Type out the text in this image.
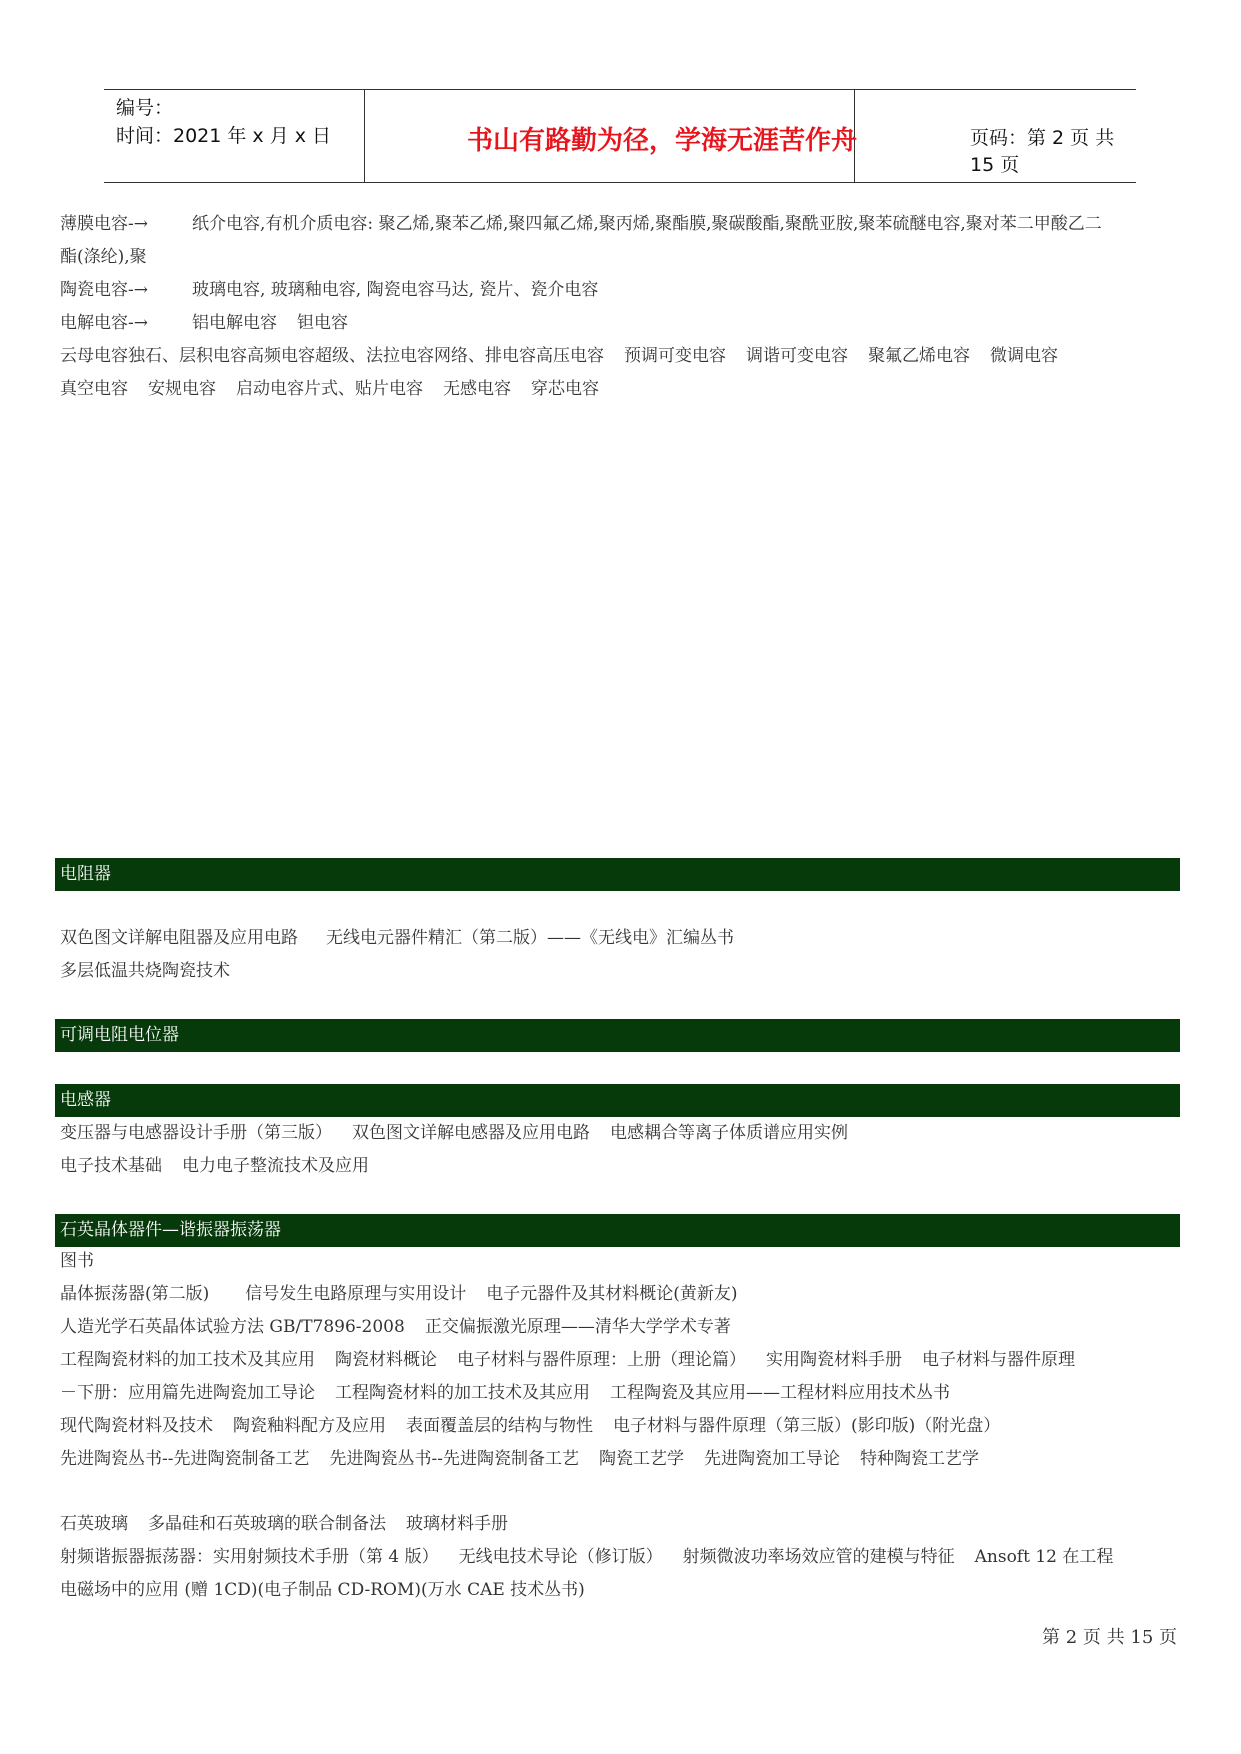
编号：
时间：2021 年 x 月 x 日	书山有路勤为径，学海无涯苦作舟	页码：第 2 页 共 15 页
薄膜电容-→	纸介电容,有机介质电容: 聚乙烯,聚苯乙烯,聚四氟乙烯,聚丙烯,聚酯膜,聚碳酸酯,聚酰亚胺,聚苯硫醚电容,聚对苯二甲酸乙二
酯(涤纶),聚
陶瓷电容-→	玻璃电容, 玻璃釉电容, 陶瓷电容马达, 瓷片、瓷介电容
电解电容-→	铝电解电容 钽电容
云母电容独石、层积电容高频电容超级、法拉电容网络、排电容高压电容 预调可变电容 调谐可变电容 聚氟乙烯电容 微调电容
真空电容 安规电容 启动电容片式、贴片电容 无感电容 穿芯电容
电阻器
双色图文详解电阻器及应用电路 无线电元器件精汇（第二版）——《无线电》汇编丛书
多层低温共烧陶瓷技术
可调电阻电位器
电感器
变压器与电感器设计手册（第三版） 双色图文详解电感器及应用电路 电感耦合等离子体质谱应用实例
电子技术基础 电力电子整流技术及应用
石英晶体器件—谐振器振荡器
图书
晶体振荡器(第二版) 信号发生电路原理与实用设计 电子元器件及其材料概论(黄新友)
人造光学石英晶体试验方法 GB/T7896-2008 正交偏振激光原理——清华大学学术专著
工程陶瓷材料的加工技术及其应用 陶瓷材料概论 电子材料与器件原理：上册（理论篇） 实用陶瓷材料手册 电子材料与器件原理
－下册：应用篇先进陶瓷加工导论 工程陶瓷材料的加工技术及其应用 工程陶瓷及其应用——工程材料应用技术丛书
现代陶瓷材料及技术 陶瓷釉料配方及应用 表面覆盖层的结构与物性 电子材料与器件原理（第三版）(影印版)（附光盘）
先进陶瓷丛书--先进陶瓷制备工艺 先进陶瓷丛书--先进陶瓷制备工艺 陶瓷工艺学 先进陶瓷加工导论 特种陶瓷工艺学
石英玻璃 多晶硅和石英玻璃的联合制备法 玻璃材料手册
射频谐振器振荡器：实用射频技术手册（第 4 版） 无线电技术导论（修订版） 射频微波功率场效应管的建模与特征 Ansoft 12 在工程
电磁场中的应用 (赠 1CD)(电子制品 CD-ROM)(万水 CAE 技术丛书)
第 2 页 共 15 页
